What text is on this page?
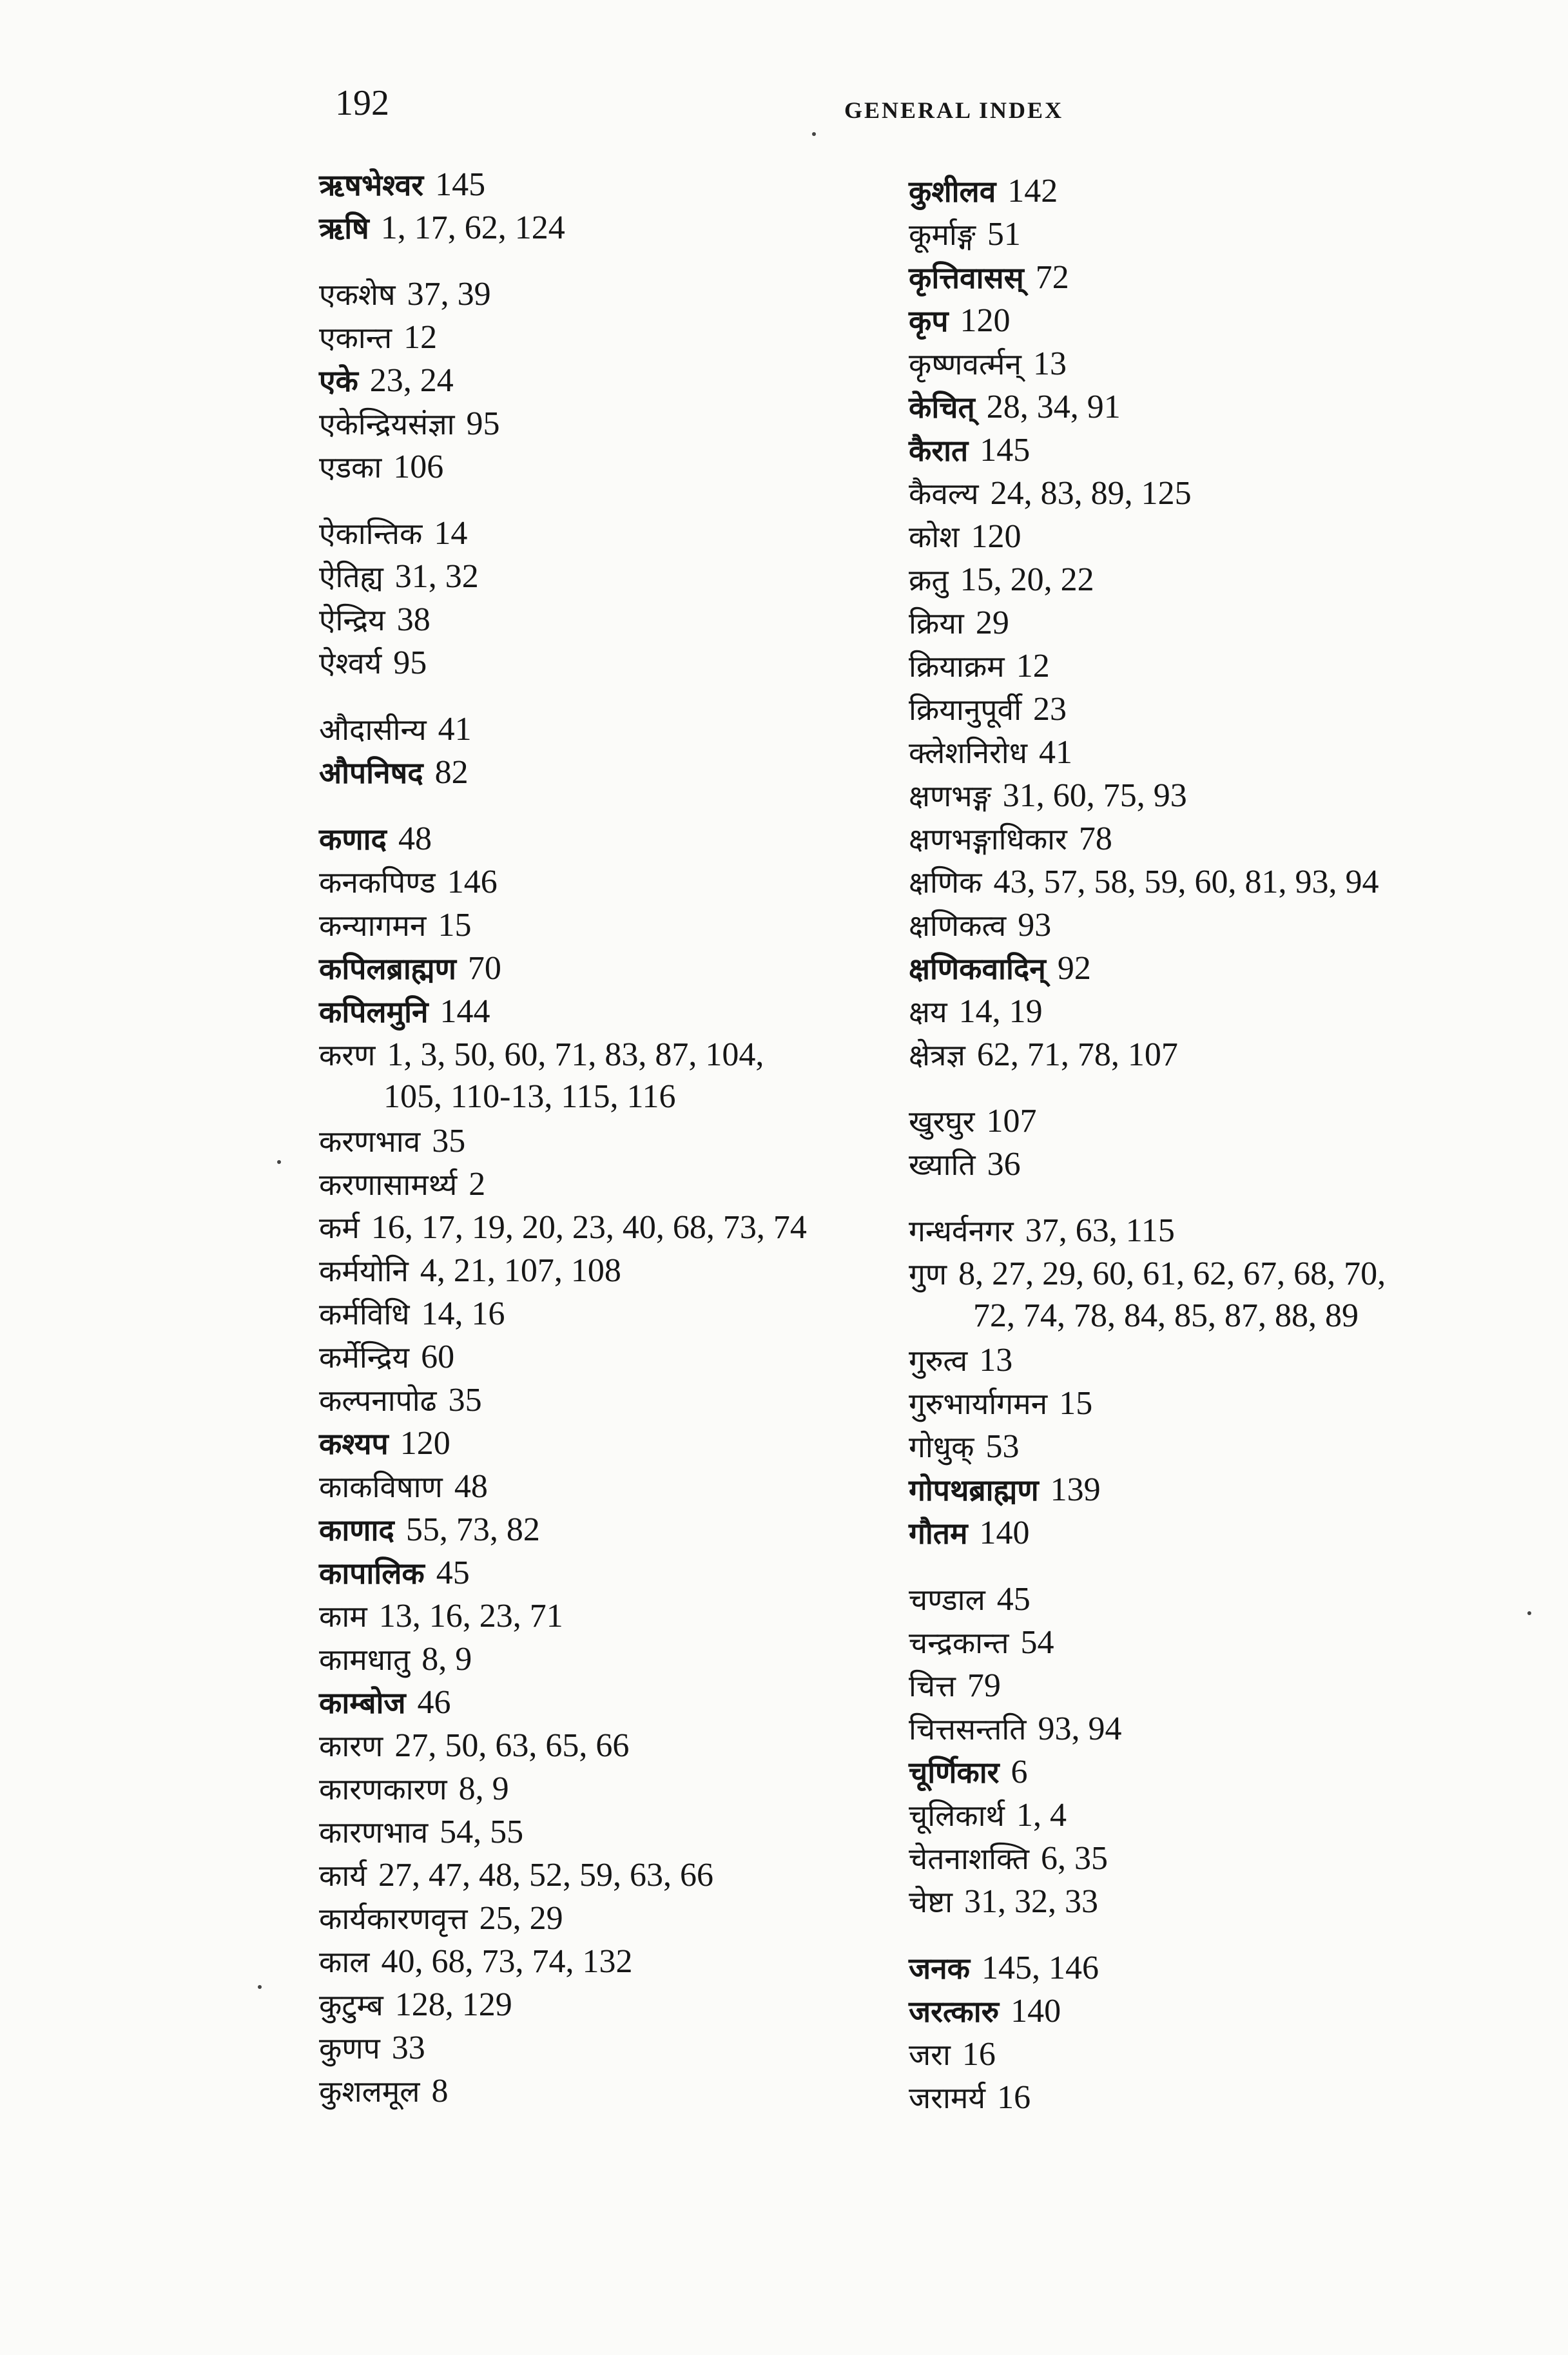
192	GENERAL INDEX
ऋषभेश्वर 145
ऋषि 1, 17, 62, 124
एकशेष 37, 39
एकान्त 12
एके 23, 24
एकेन्द्रियसंज्ञा 95
एडका 106
ऐकान्तिक 14
ऐतिह्य 31, 32
ऐन्द्रिय 38
ऐश्वर्य 95
औदासीन्य 41
औपनिषद 82
कणाद 48
कनकपिण्ड 146
कन्यागमन 15
कपिलब्राह्मण 70
कपिलमुनि 144
करण 1, 3, 50, 60, 71, 83, 87, 104,
105, 110-13, 115, 116
करणभाव 35
करणासामर्थ्य 2
कर्म 16, 17, 19, 20, 23, 40, 68, 73, 74
कर्मयोनि 4, 21, 107, 108
कर्मविधि 14, 16
कर्मेन्द्रिय 60
कल्पनापोढ 35
कश्यप 120
काकविषाण 48
काणाद 55, 73, 82
कापालिक 45
काम 13, 16, 23, 71
कामधातु 8, 9
काम्बोज 46
कारण 27, 50, 63, 65, 66
कारणकारण 8, 9
कारणभाव 54, 55
कार्य 27, 47, 48, 52, 59, 63, 66
कार्यकारणवृत्त 25, 29
काल 40, 68, 73, 74, 132
कुटुम्ब 128, 129
कुणप 33
कुशलमूल 8
कुशीलव 142
कूर्माङ्ग 51
कृत्तिवासस् 72
कृप 120
कृष्णवर्त्मन् 13
केचित् 28, 34, 91
कैरात 145
कैवल्य 24, 83, 89, 125
कोश 120
क्रतु 15, 20, 22
क्रिया 29
क्रियाक्रम 12
क्रियानुपूर्वी 23
क्लेशनिरोध 41
क्षणभङ्ग 31, 60, 75, 93
क्षणभङ्गाधिकार 78
क्षणिक 43, 57, 58, 59, 60, 81, 93, 94
क्षणिकत्व 93
क्षणिकवादिन् 92
क्षय 14, 19
क्षेत्रज्ञ 62, 71, 78, 107
खुरघुर 107
ख्याति 36
गन्धर्वनगर 37, 63, 115
गुण 8, 27, 29, 60, 61, 62, 67, 68, 70,
72, 74, 78, 84, 85, 87, 88, 89
गुरुत्व 13
गुरुभार्यागमन 15
गोधुक् 53
गोपथब्राह्मण 139
गौतम 140
चण्डाल 45
चन्द्रकान्त 54
चित्त 79
चित्तसन्तति 93, 94
चूर्णिकार 6
चूलिकार्थ 1, 4
चेतनाशक्ति 6, 35
चेष्टा 31, 32, 33
जनक 145, 146
जरत्कारु 140
जरा 16
जरामर्य 16
